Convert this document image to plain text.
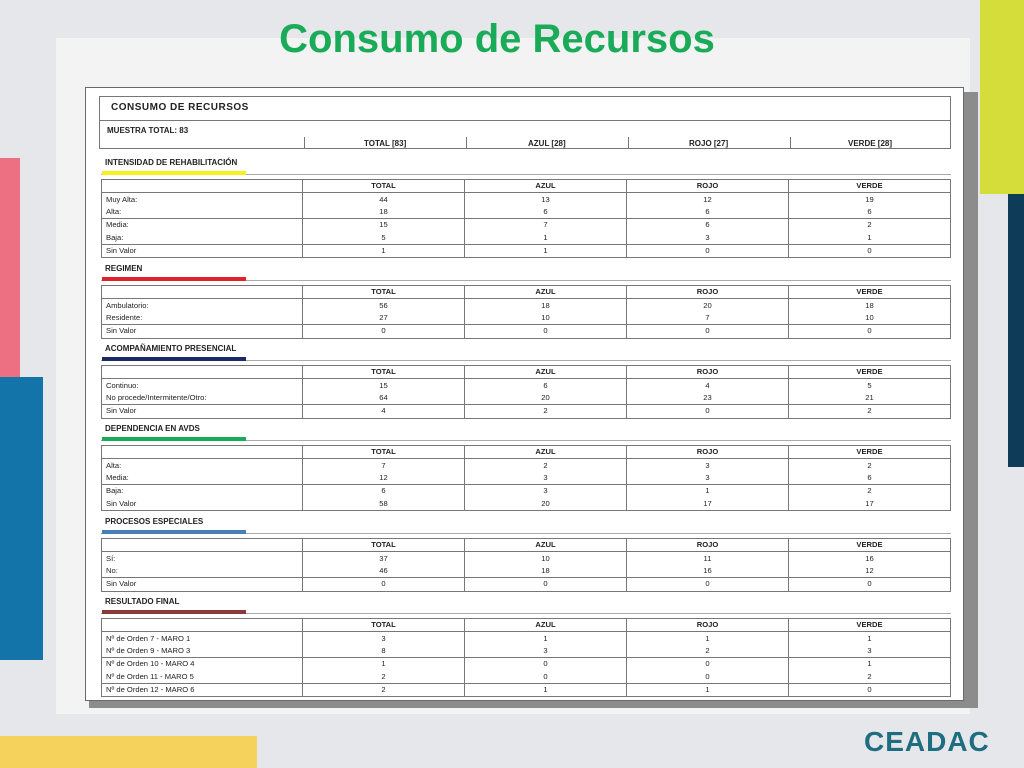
Consumo de Recursos
CONSUMO DE RECURSOS
MUESTRA TOTAL: 83
TOTAL [83]	AZUL [28]	ROJO [27]	VERDE [28]
INTENSIDAD DE REHABILITACIÓN
	TOTAL	AZUL	ROJO	VERDE
Muy Alta:	44	13	12	19
Alta:	18	6	6	6
Media:	15	7	6	2
Baja:	5	1	3	1
Sin Valor	1	1	0	0
REGIMEN
	TOTAL	AZUL	ROJO	VERDE
Ambulatorio:	56	18	20	18
Residente:	27	10	7	10
Sin Valor	0	0	0	0
ACOMPAÑAMIENTO PRESENCIAL
	TOTAL	AZUL	ROJO	VERDE
Continuo:	15	6	4	5
No procede/Intermitente/Otro:	64	20	23	21
Sin Valor	4	2	0	2
DEPENDENCIA EN AVDS
	TOTAL	AZUL	ROJO	VERDE
Alta:	7	2	3	2
Media:	12	3	3	6
Baja:	6	3	1	2
Sin Valor	58	20	17	17
PROCESOS ESPECIALES
	TOTAL	AZUL	ROJO	VERDE
Sí:	37	10	11	16
No:	46	18	16	12
Sin Valor	0	0	0	0
RESULTADO FINAL
	TOTAL	AZUL	ROJO	VERDE
Nº de Orden 7 - MARO 1	3	1	1	1
Nº de Orden 9 - MARO 3	8	3	2	3
Nº de Orden 10 - MARO 4	1	0	0	1
Nº de Orden 11 - MARO 5	2	0	0	2
Nº de Orden 12 - MARO 6	2	1	1	0
CEADAC
